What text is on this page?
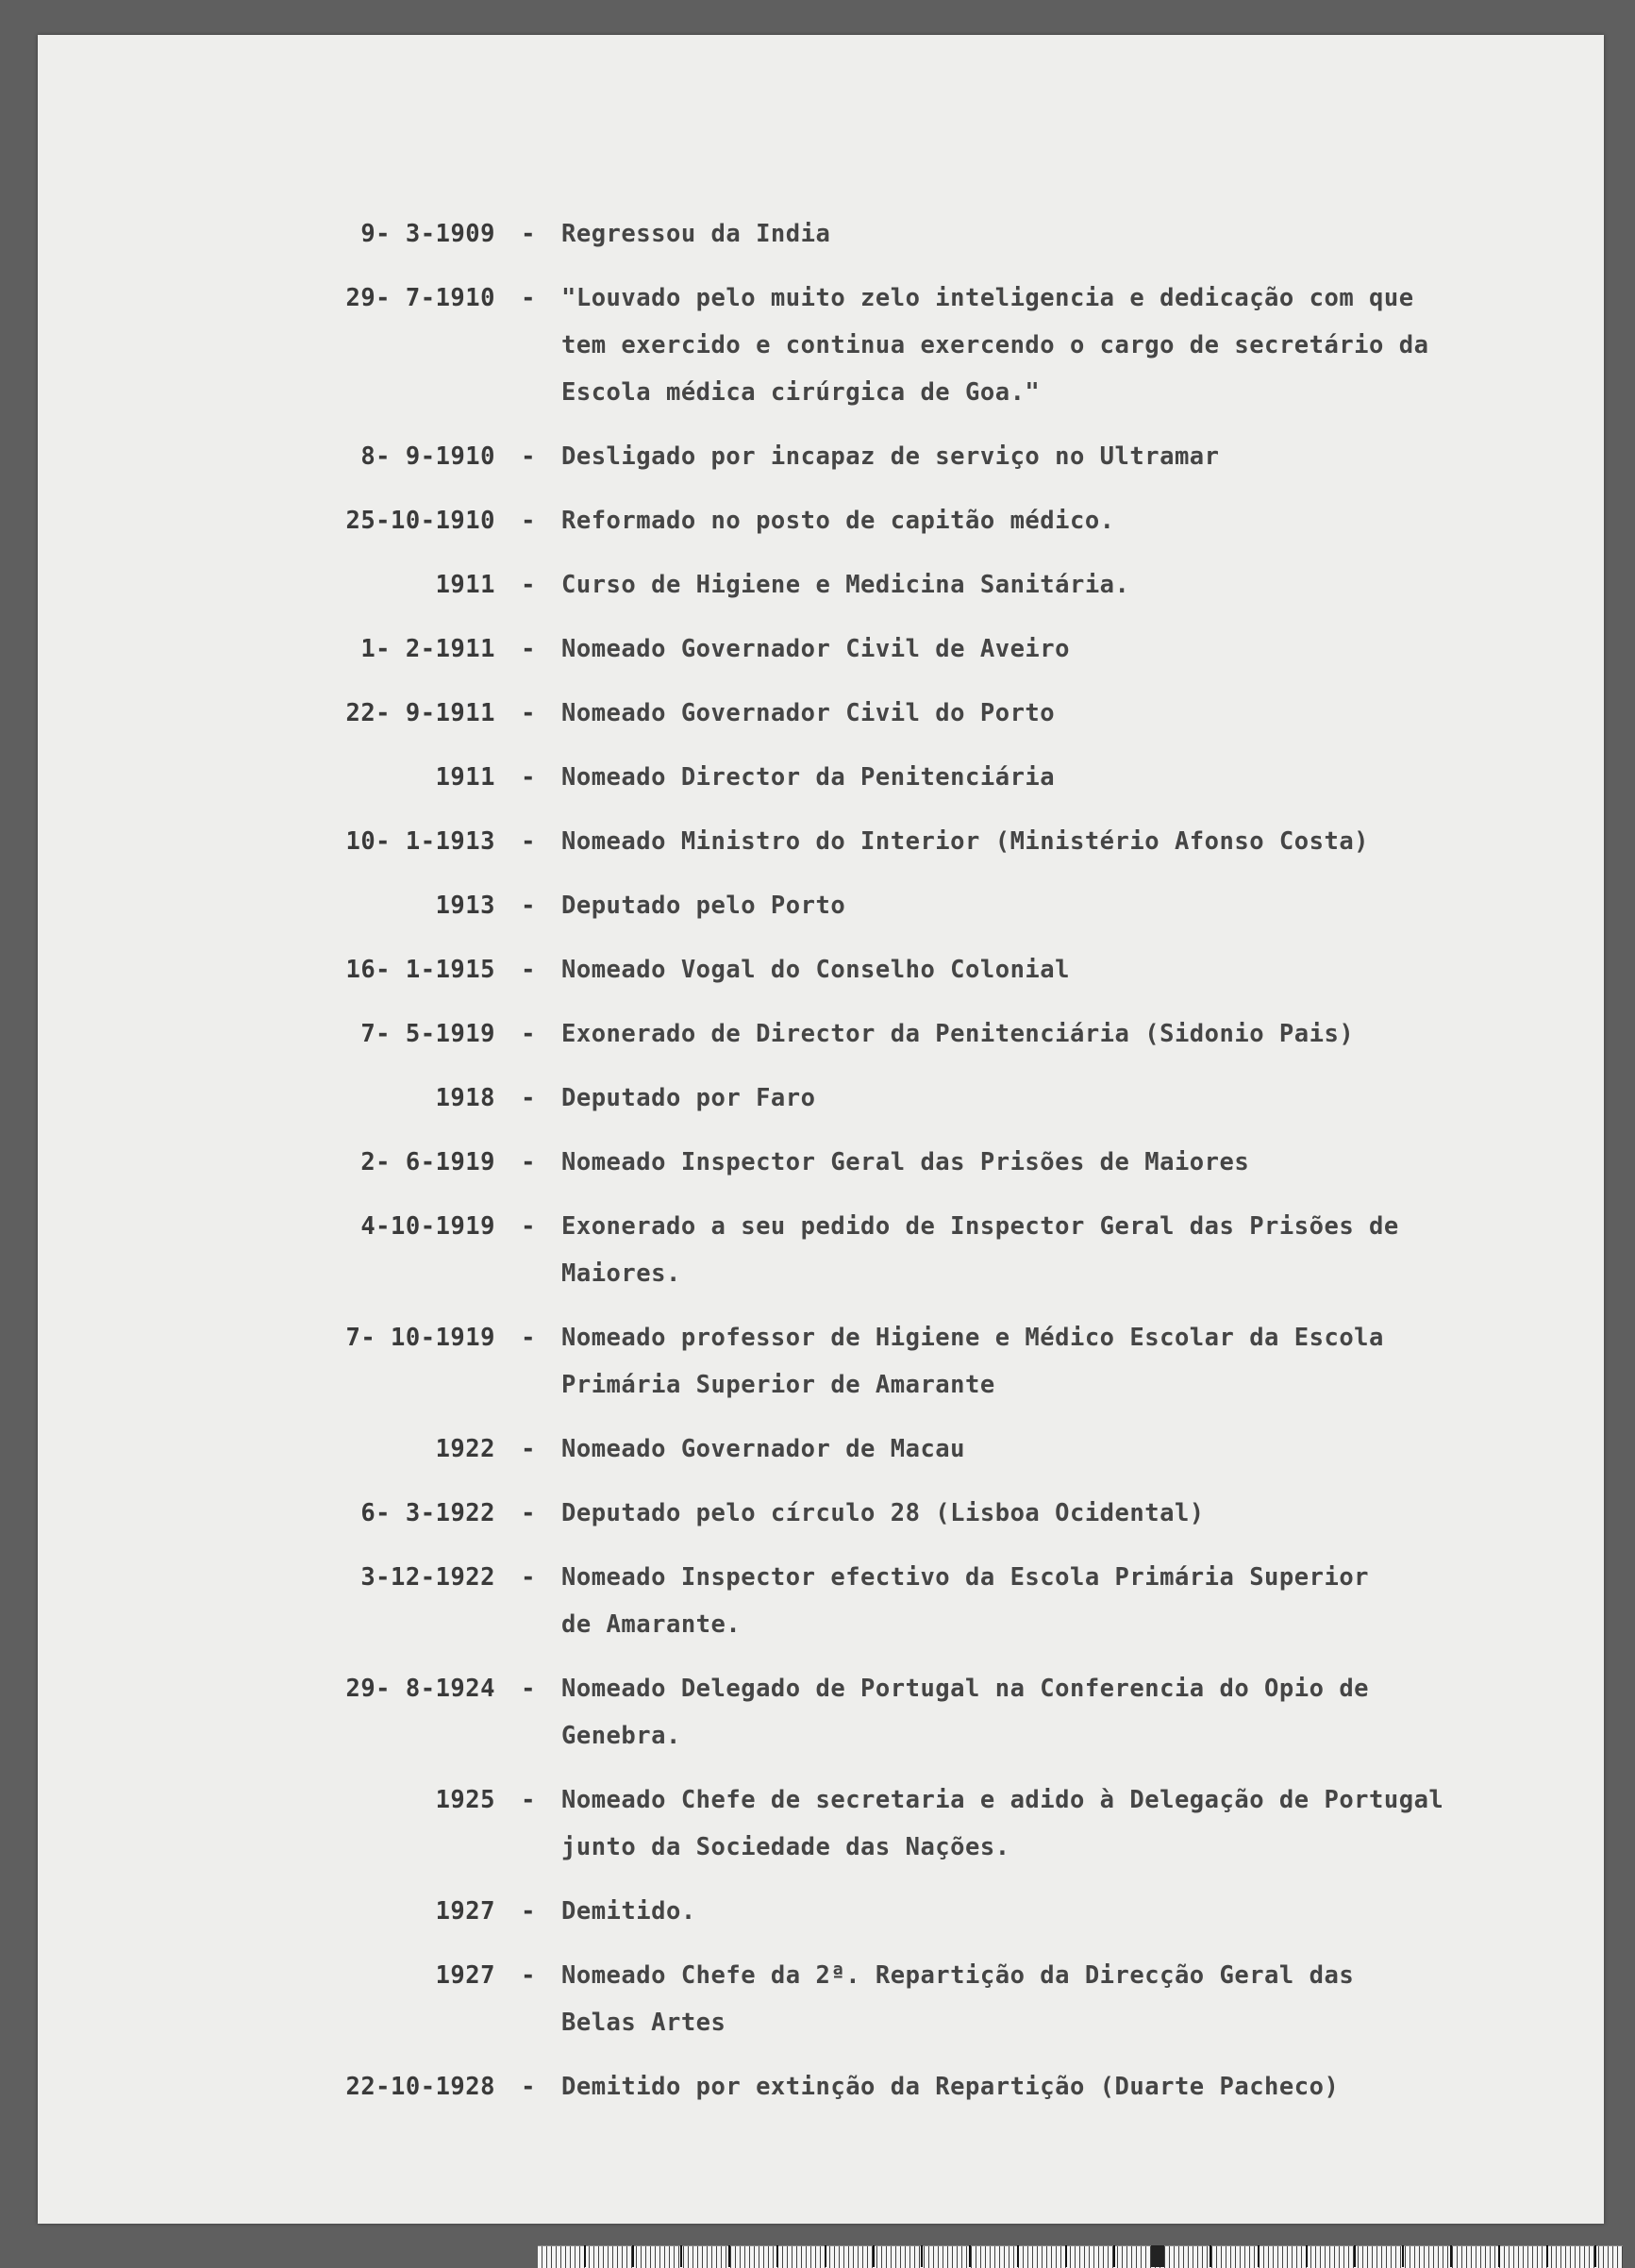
9- 3-1909	-	Regressou da India
29- 7-1910	-	"Louvado pelo muito zelo inteligencia e dedicação com que
tem exercido e continua exercendo o cargo de secretário da
Escola médica cirúrgica de Goa."
8- 9-1910	-	Desligado por incapaz de serviço no Ultramar
25-10-1910	-	Reformado no posto de capitão médico.
1911	-	Curso de Higiene e Medicina Sanitária.
1- 2-1911	-	Nomeado Governador Civil de Aveiro
22- 9-1911	-	Nomeado Governador Civil do Porto
1911	-	Nomeado Director da Penitenciária
10- 1-1913	-	Nomeado Ministro do Interior (Ministério Afonso Costa)
1913	-	Deputado pelo Porto
16- 1-1915	-	Nomeado Vogal do Conselho Colonial
7- 5-1919	-	Exonerado de Director da Penitenciária (Sidonio Pais)
1918	-	Deputado por Faro
2- 6-1919	-	Nomeado Inspector Geral das Prisões de Maiores
4-10-1919	-	Exonerado a seu pedido de Inspector Geral das Prisões de
Maiores.
7- 10-1919	-	Nomeado professor de Higiene e Médico Escolar da Escola
Primária Superior de Amarante
1922	-	Nomeado Governador de Macau
6- 3-1922	-	Deputado pelo círculo 28 (Lisboa Ocidental)
3-12-1922	-	Nomeado Inspector efectivo da Escola Primária Superior
de Amarante.
29- 8-1924	-	Nomeado Delegado de Portugal na Conferencia do Opio de
Genebra.
1925	-	Nomeado Chefe de secretaria e adido à Delegação de Portugal
junto da Sociedade das Nações.
1927	-	Demitido.
1927	-	Nomeado Chefe da 2ª. Repartição da Direcção Geral das
Belas Artes
22-10-1928	-	Demitido por extinção da Repartição (Duarte Pacheco)
